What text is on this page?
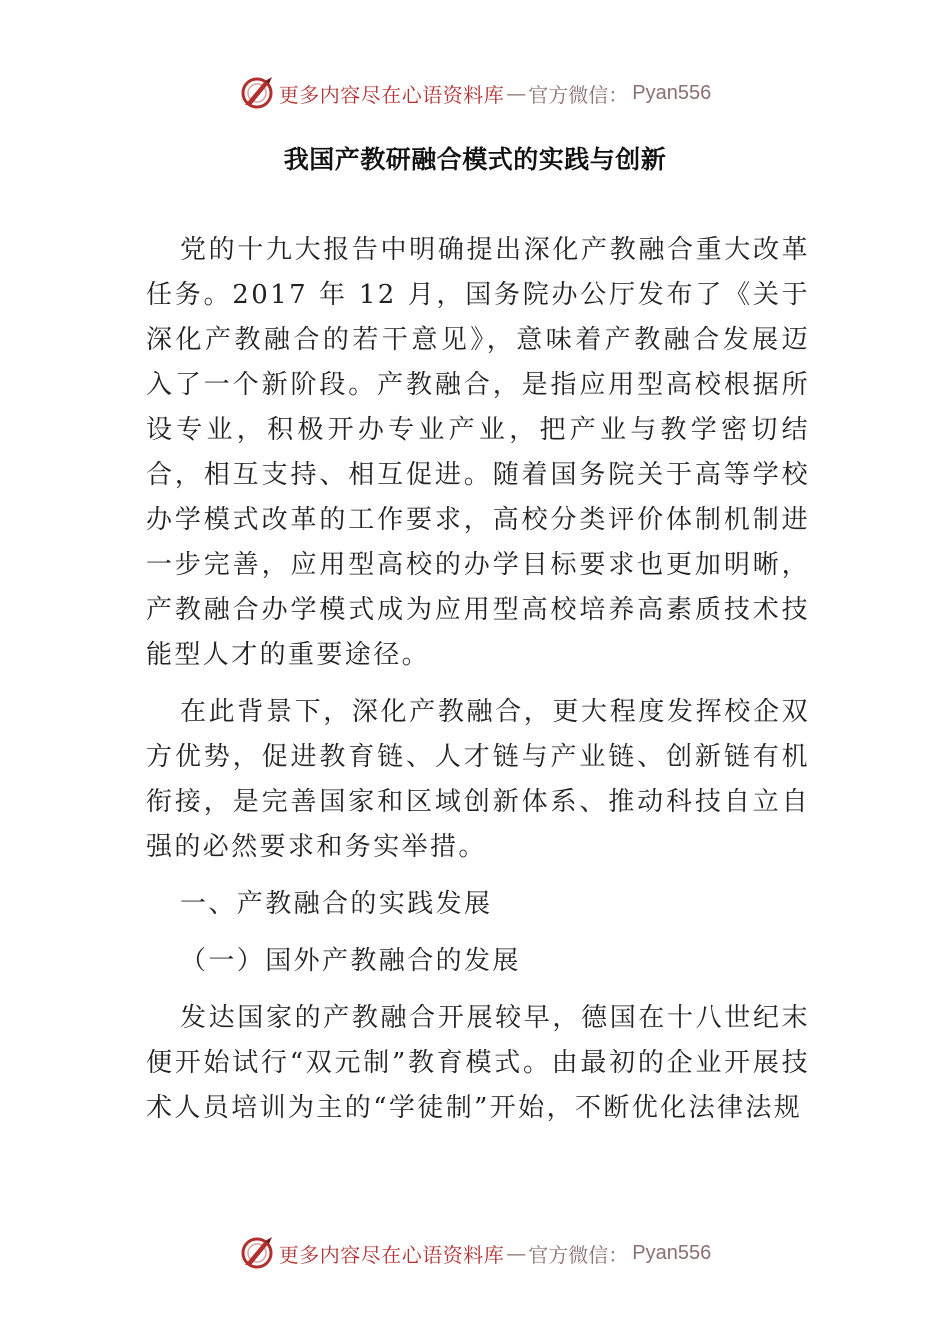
更多内容尽在心语资料库 — 官方微信： Pyan556
我国产教研融合模式的实践与创新

党的十九大报告中明确提出深化产教融合重大改革任务。2017 年 12 月，国务院办公厅发布了《关于深化产教融合的若干意见》，意味着产教融合发展迈入了一个新阶段。产教融合，是指应用型高校根据所设专业，积极开办专业产业，把产业与教学密切结合，相互支持、相互促进。随着国务院关于高等学校办学模式改革的工作要求，高校分类评价体制机制进一步完善，应用型高校的办学目标要求也更加明晰，产教融合办学模式成为应用型高校培养高素质技术技能型人才的重要途径。

在此背景下，深化产教融合，更大程度发挥校企双方优势，促进教育链、人才链与产业链、创新链有机衔接，是完善国家和区域创新体系、推动科技自立自强的必然要求和务实举措。

一、产教融合的实践发展

（一）国外产教融合的发展

发达国家的产教融合开展较早，德国在十八世纪末便开始试行“双元制”教育模式。由最初的企业开展技术人员培训为主的“学徒制”开始，不断优化法律法规

更多内容尽在心语资料库 — 官方微信： Pyan556
